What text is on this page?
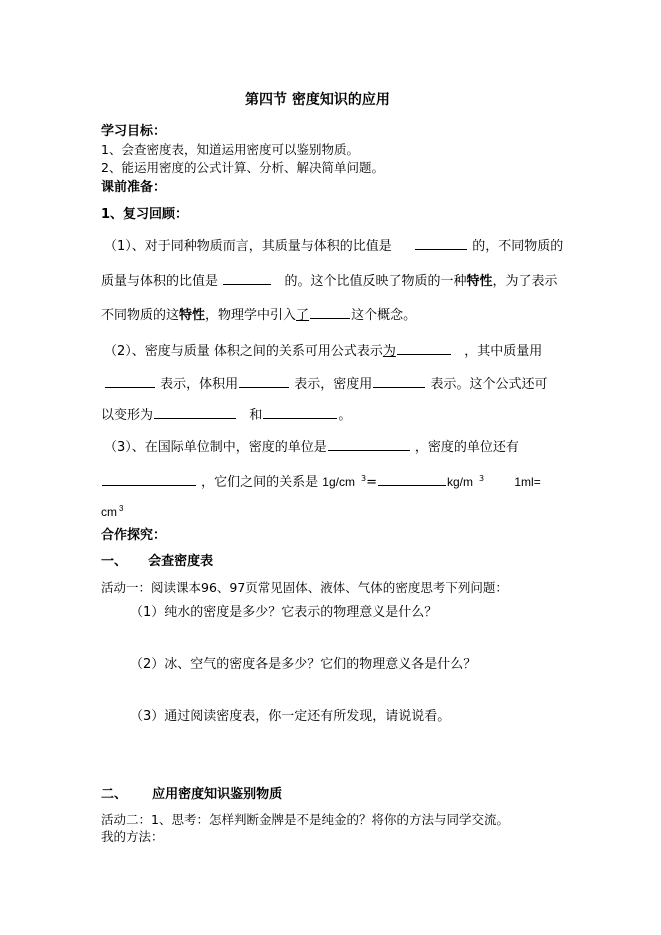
第四节 密度知识的应用
学习目标：
1、会查密度表，知道运用密度可以鉴别物质。
2、能运用密度的公式计算、分析、解决简单问题。
课前准备：
1、复习回顾：
（1）、对于同种物质而言，其质量与体积的比值是	的，不同物质的
质量与体积的比值是	的。这个比值反映了物质的一种特性，为了表示
不同物质的这特性，物理学中引入了	这个概念。
（2）、密度与质量 体积之间的关系可用公式表示为	，其中质量用
表示，体积用	表示，密度用	表示。这个公式还可
以变形为	和	。
（3）、在国际单位制中，密度的单位是	，密度的单位还有
，它们之间的关系是 1g/cm $^3$=	kg/m $^3$	1ml=
cm $^3$
合作探究：
一、 会查密度表
活动一：阅读课本96、97页常见固体、液体、气体的密度思考下列问题：
（1）纯水的密度是多少？它表示的物理意义是什么？
（2）冰、空气的密度各是多少？它们的物理意义各是什么？
（3）通过阅读密度表，你一定还有所发现，请说说看。
二、 应用密度知识鉴别物质
活动二：1、思考：怎样判断金牌是不是纯金的？将你的方法与同学交流。
我的方法：
